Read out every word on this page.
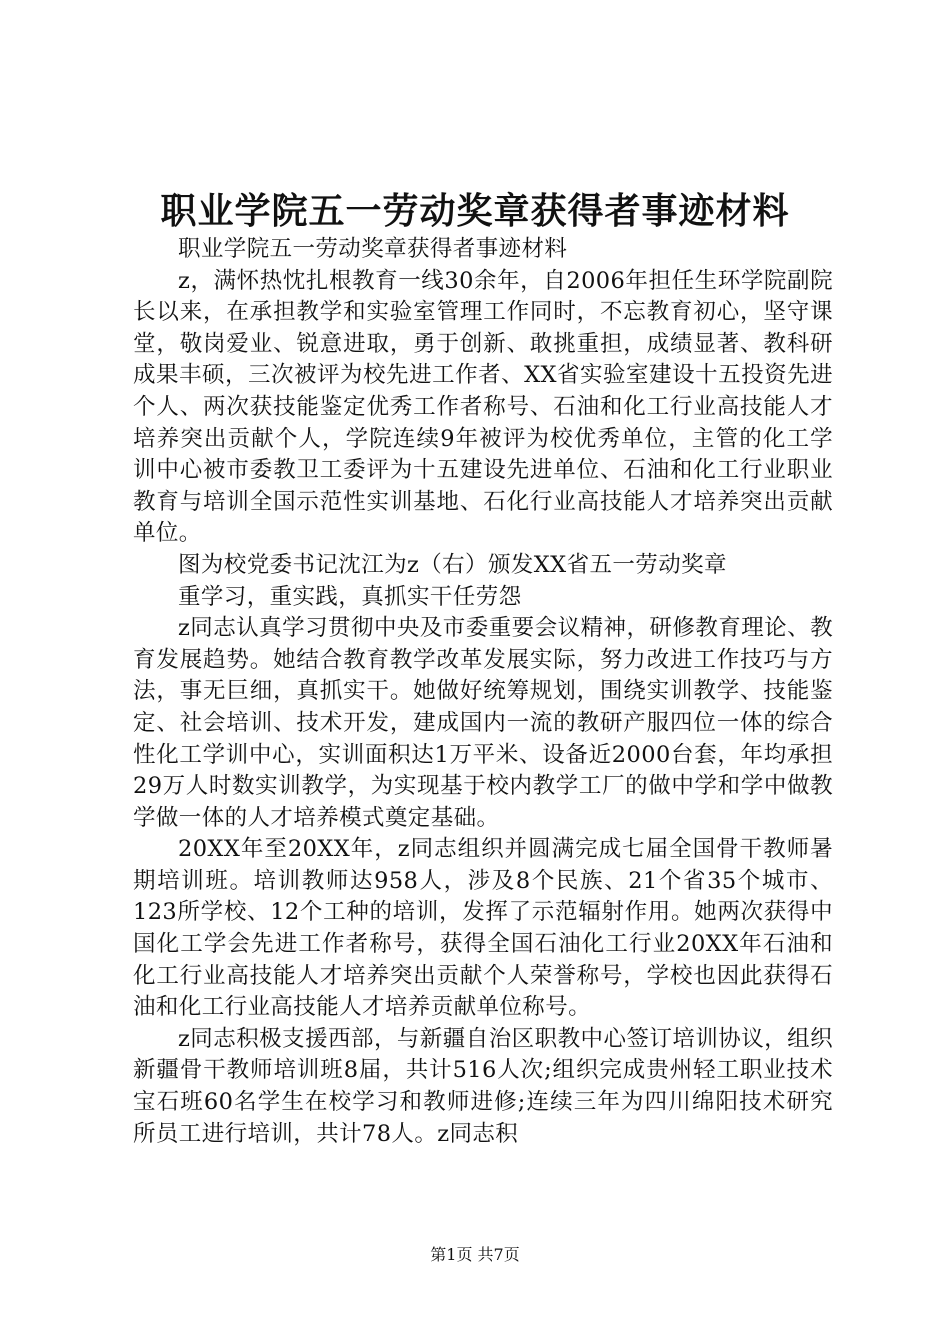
职业学院五一劳动奖章获得者事迹材料

职业学院五一劳动奖章获得者事迹材料

z，满怀热忱扎根教育一线30余年，自2006年担任生环学院副院长以来，在承担教学和实验室管理工作同时，不忘教育初心，坚守课堂，敬岗爱业、锐意进取，勇于创新、敢挑重担，成绩显著、教科研成果丰硕，三次被评为校先进工作者、XX省实验室建设十五投资先进个人、两次获技能鉴定优秀工作者称号、石油和化工行业高技能人才培养突出贡献个人，学院连续9年被评为校优秀单位，主管的化工学训中心被市委教卫工委评为十五建设先进单位、石油和化工行业职业教育与培训全国示范性实训基地、石化行业高技能人才培养突出贡献单位。

图为校党委书记沈江为z（右）颁发XX省五一劳动奖章

重学习，重实践，真抓实干任劳怨

z同志认真学习贯彻中央及市委重要会议精神，研修教育理论、教育发展趋势。她结合教育教学改革发展实际，努力改进工作技巧与方法，事无巨细，真抓实干。她做好统筹规划，围绕实训教学、技能鉴定、社会培训、技术开发，建成国内一流的教研产服四位一体的综合性化工学训中心，实训面积达1万平米、设备近2000台套，年均承担29万人时数实训教学，为实现基于校内教学工厂的做中学和学中做教学做一体的人才培养模式奠定基础。

20XX年至20XX年，z同志组织并圆满完成七届全国骨干教师暑期培训班。培训教师达958人，涉及8个民族、21个省35个城市、123所学校、12个工种的培训，发挥了示范辐射作用。她两次获得中国化工学会先进工作者称号，获得全国石油化工行业20XX年石油和化工行业高技能人才培养突出贡献个人荣誉称号，学校也因此获得石油和化工行业高技能人才培养贡献单位称号。

z同志积极支援西部，与新疆自治区职教中心签订培训协议，组织新疆骨干教师培训班8届，共计516人次;组织完成贵州轻工职业技术宝石班60名学生在校学习和教师进修;连续三年为四川绵阳技术研究所员工进行培训，共计78人。z同志积

第1页 共7页
